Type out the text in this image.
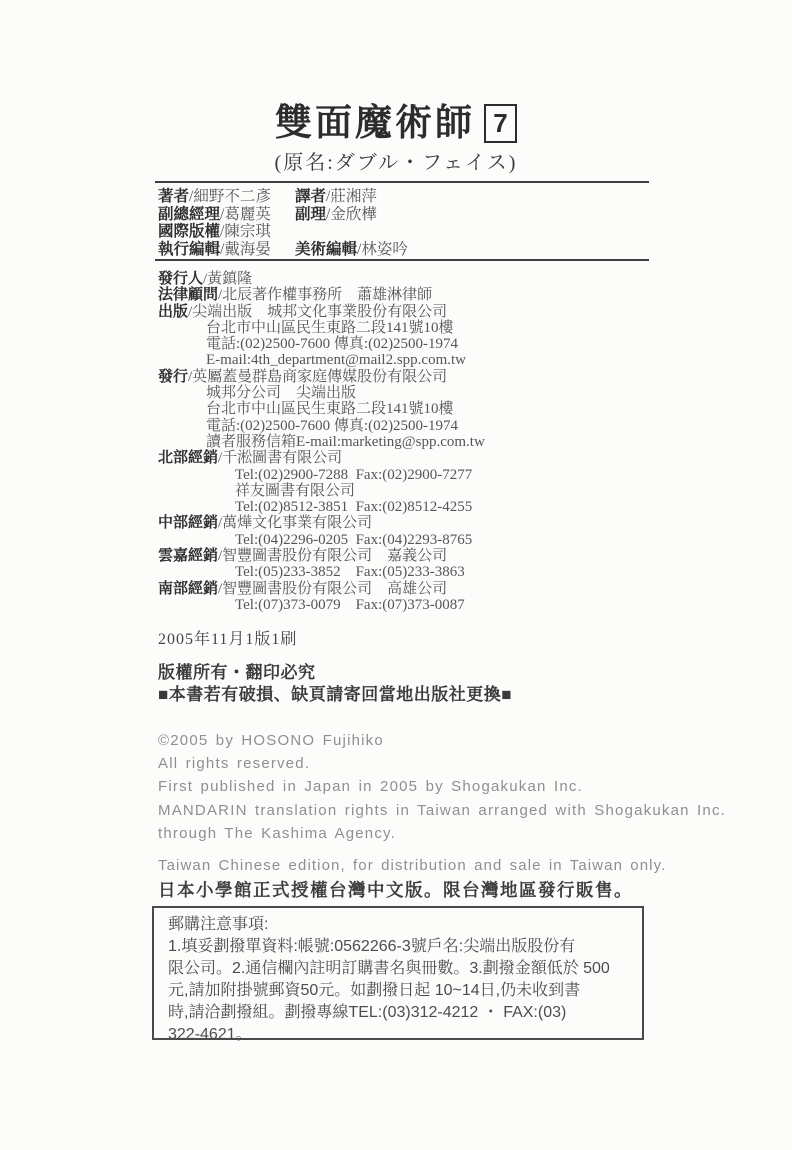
雙面魔術師 7
(原名:ダブル・フェイス)
著者/細野不二彥	譯者/莊湘萍
副總經理/葛麗英	副理/金欣樺
國際版權/陳宗琪
執行編輯/戴海晏	美術編輯/林姿吟
發行人/黃鎮隆
法律顧問/北辰著作權事務所　蕭雄淋律師
出版/尖端出版　城邦文化事業股份有限公司
台北市中山區民生東路二段141號10樓
電話:(02)2500-7600 傳真:(02)2500-1974
E-mail:4th_department@mail2.spp.com.tw
發行/英屬蓋曼群島商家庭傳媒股份有限公司
城邦分公司　尖端出版
台北市中山區民生東路二段141號10樓
電話:(02)2500-7600 傳真:(02)2500-1974
讀者服務信箱E-mail:marketing@spp.com.tw
北部經銷/千淞圖書有限公司
Tel:(02)2900-7288  Fax:(02)2900-7277
祥友圖書有限公司
Tel:(02)8512-3851  Fax:(02)8512-4255
中部經銷/萬燁文化事業有限公司
Tel:(04)2296-0205  Fax:(04)2293-8765
雲嘉經銷/智豐圖書股份有限公司　嘉義公司
Tel:(05)233-3852    Fax:(05)233-3863
南部經銷/智豐圖書股份有限公司　高雄公司
Tel:(07)373-0079    Fax:(07)373-0087
2005年11月1版1刷
版權所有・翻印必究
■本書若有破損、缺頁請寄回當地出版社更換■
©2005 by HOSONO Fujihiko
All rights reserved.
First published in Japan in 2005 by Shogakukan Inc.
MANDARIN translation rights in Taiwan arranged with Shogakukan Inc.
through The Kashima Agency.
Taiwan Chinese edition, for distribution and sale in Taiwan only.
日本小學館正式授權台灣中文版。限台灣地區發行販售。
郵購注意事項:
1.填妥劃撥單資料:帳號:0562266-3號戶名:尖端出版股份有
限公司。2.通信欄內註明訂購書名與冊數。3.劃撥金額低於 500
元,請加附掛號郵資50元。如劃撥日起 10~14日,仍未收到書
時,請洽劃撥組。劃撥專線TEL:(03)312-4212 ・ FAX:(03)
322-4621。
